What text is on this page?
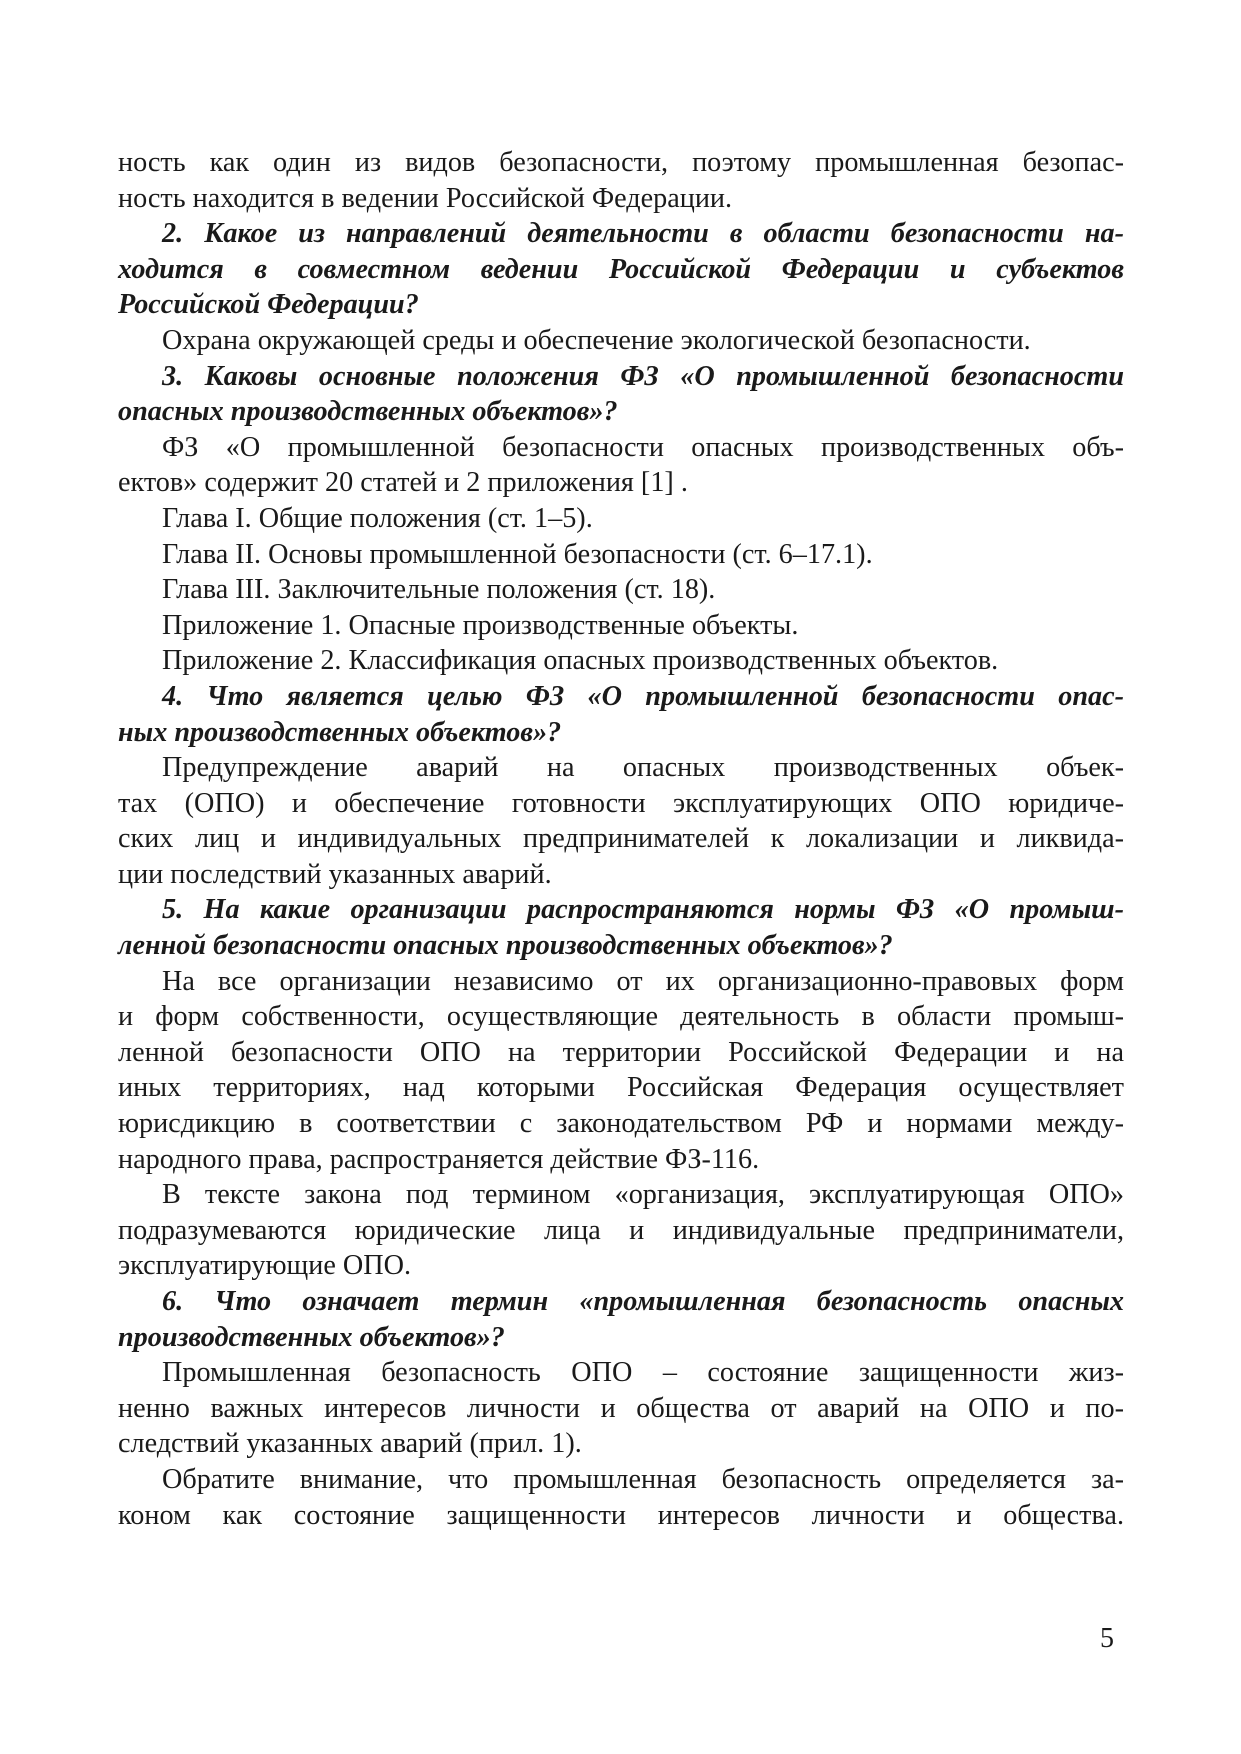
ность как один из видов безопасности, поэтому промышленная безопас-
ность находится в ведении Российской Федерации.
2. Какое из направлений деятельности в области безопасности на-
ходится в совместном ведении Российской Федерации и субъектов
Российской Федерации?
Охрана окружающей среды и обеспечение экологической безопасности.
3. Каковы основные положения ФЗ «О промышленной безопасности
опасных производственных объектов»?
ФЗ «О промышленной безопасности опасных производственных объ-
ектов» содержит 20 статей и 2 приложения [1] .
Глава I. Общие положения (ст. 1–5).
Глава II. Основы промышленной безопасности (ст. 6–17.1).
Глава III. Заключительные положения (ст. 18).
Приложение 1. Опасные производственные объекты.
Приложение 2. Классификация опасных производственных объектов.
4. Что является целью ФЗ «О промышленной безопасности опас-
ных производственных объектов»?
Предупреждение аварий на опасных производственных объек-
тах (ОПО) и обеспечение готовности эксплуатирующих ОПО юридиче-
ских лиц и индивидуальных предпринимателей к локализации и ликвида-
ции последствий указанных аварий.
5. На какие организации распространяются нормы ФЗ «О промыш-
ленной безопасности опасных производственных объектов»?
На все организации независимо от их организационно-правовых форм
и форм собственности, осуществляющие деятельность в области промыш-
ленной безопасности ОПО на территории Российской Федерации и на
иных территориях, над которыми Российская Федерация осуществляет
юрисдикцию в соответствии с законодательством РФ и нормами между-
народного права, распространяется действие ФЗ-116.
В тексте закона под термином «организация, эксплуатирующая ОПО»
подразумеваются юридические лица и индивидуальные предприниматели,
эксплуатирующие ОПО.
6. Что означает термин «промышленная безопасность опасных
производственных объектов»?
Промышленная безопасность ОПО – состояние защищенности жиз-
ненно важных интересов личности и общества от аварий на ОПО и по-
следствий указанных аварий (прил. 1).
Обратите внимание, что промышленная безопасность определяется за-
коном как состояние защищенности интересов личности и общества.
5
